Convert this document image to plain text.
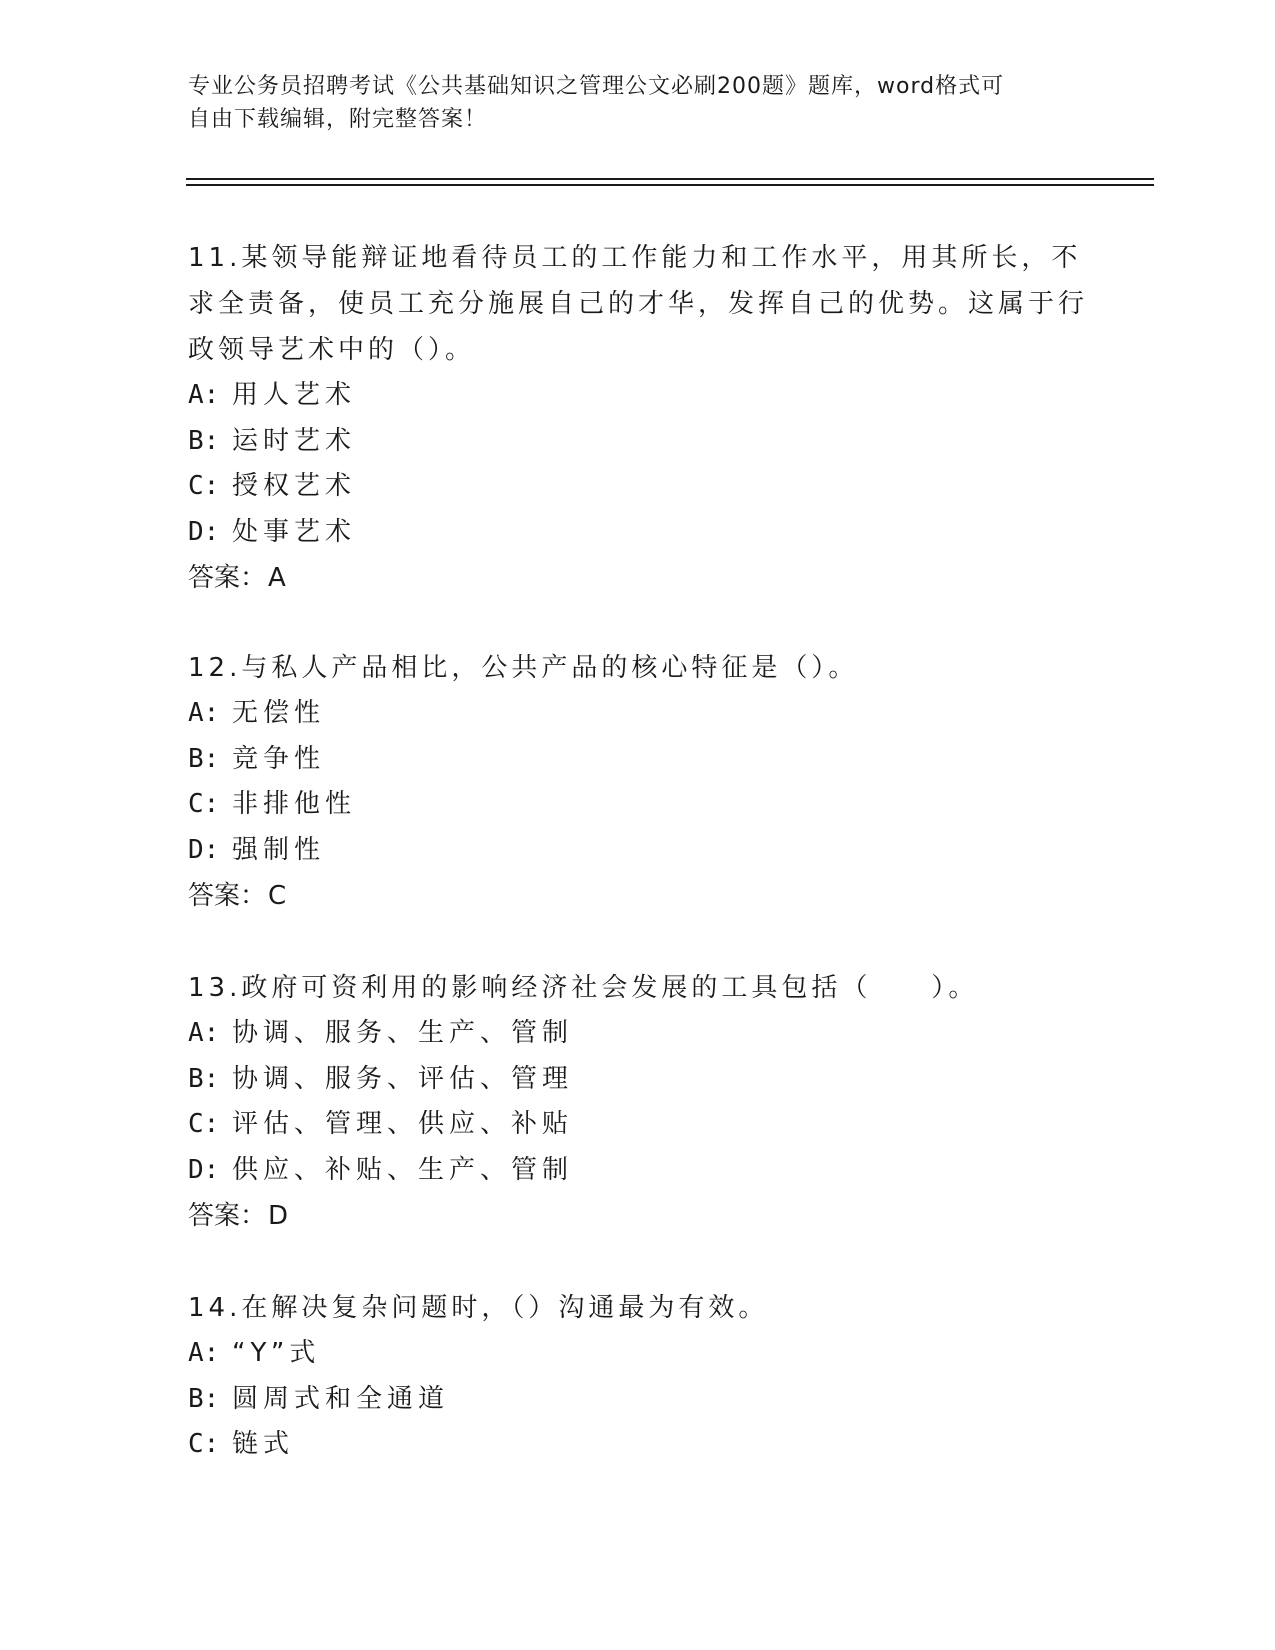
专业公务员招聘考试《公共基础知识之管理公文必刷200题》题库，word格式可
自由下载编辑，附完整答案！
11.某领导能辩证地看待员工的工作能力和工作水平，用其所长，不求全责备，使员工充分施展自己的才华，发挥自己的优势。这属于行政领导艺术中的（）。
A: 用人艺术
B: 运时艺术
C: 授权艺术
D: 处事艺术
答案：A
12.与私人产品相比，公共产品的核心特征是（）。
A: 无偿性
B: 竞争性
C: 非排他性
D: 强制性
答案：C
13.政府可资利用的影响经济社会发展的工具包括（　　）。
A: 协调、服务、生产、管制
B: 协调、服务、评估、管理
C: 评估、管理、供应、补贴
D: 供应、补贴、生产、管制
答案：D
14.在解决复杂问题时，（）沟通最为有效。
A: “Y”式
B: 圆周式和全通道
C: 链式
